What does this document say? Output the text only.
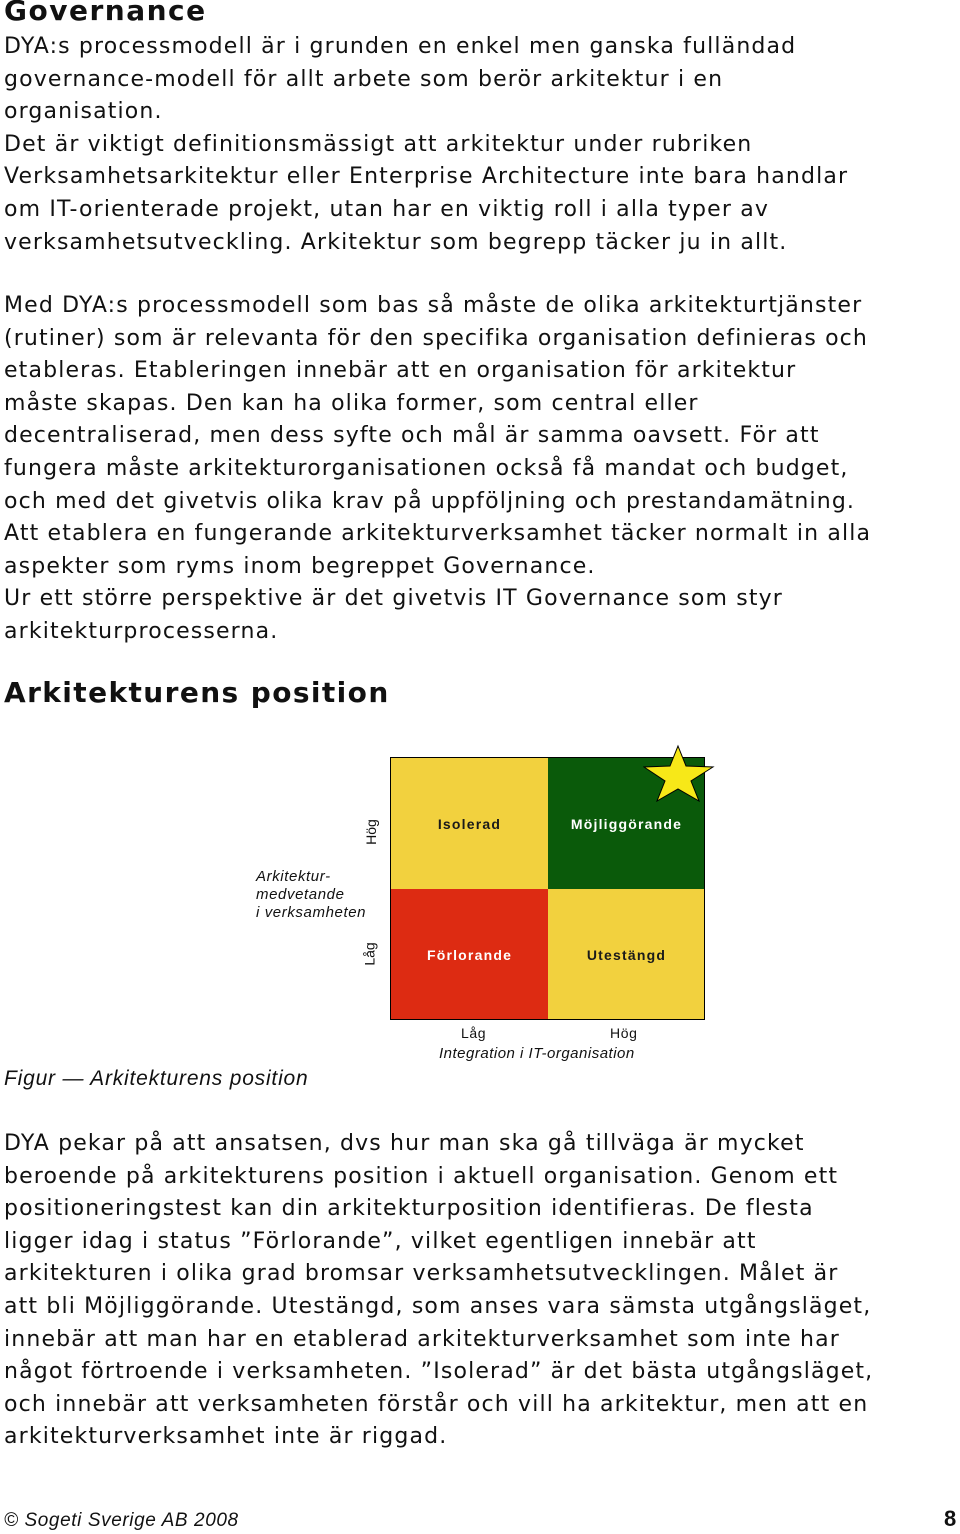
Governance
DYA:s processmodell är i grunden en enkel men ganska fulländad
governance-modell för allt arbete som berör arkitektur i en
organisation.
Det är viktigt definitionsmässigt att arkitektur under rubriken
Verksamhetsarkitektur eller Enterprise Architecture inte bara handlar
om IT-orienterade projekt, utan har en viktig roll i alla typer av
verksamhetsutveckling. Arkitektur som begrepp täcker ju in allt.
Med DYA:s processmodell som bas så måste de olika arkitekturtjänster
(rutiner) som är relevanta för den specifika organisation definieras och
etableras. Etableringen innebär att en organisation för arkitektur
måste skapas. Den kan ha olika former, som central eller
decentraliserad, men dess syfte och mål är samma oavsett. För att
fungera måste arkitekturorganisationen också få mandat och budget,
och med det givetvis olika krav på uppföljning och prestandamätning.
Att etablera en fungerande arkitekturverksamhet täcker normalt in alla
aspekter som ryms inom begreppet Governance.
Ur ett större perspektive är det givetvis IT Governance som styr
arkitekturprocesserna.
Arkitekturens position
Isolerad	Möjliggörande
Förlorande	Utestängd
Hög
Låg
Arkitektur-
medvetande
i verksamheten
Låg	Hög
Integration i IT-organisation
Figur — Arkitekturens position
DYA pekar på att ansatsen, dvs hur man ska gå tillväga är mycket
beroende på arkitekturens position i aktuell organisation. Genom ett
positioneringstest kan din arkitekturposition identifieras. De flesta
ligger idag i status ”Förlorande”, vilket egentligen innebär att
arkitekturen i olika grad bromsar verksamhetsutvecklingen. Målet är
att bli Möjliggörande. Utestängd, som anses vara sämsta utgångsläget,
innebär att man har en etablerad arkitekturverksamhet som inte har
något förtroende i verksamheten. ”Isolerad” är det bästa utgångsläget,
och innebär att verksamheten förstår och vill ha arkitektur, men att en
arkitekturverksamhet inte är riggad.
© Sogeti Sverige AB 2008	8
